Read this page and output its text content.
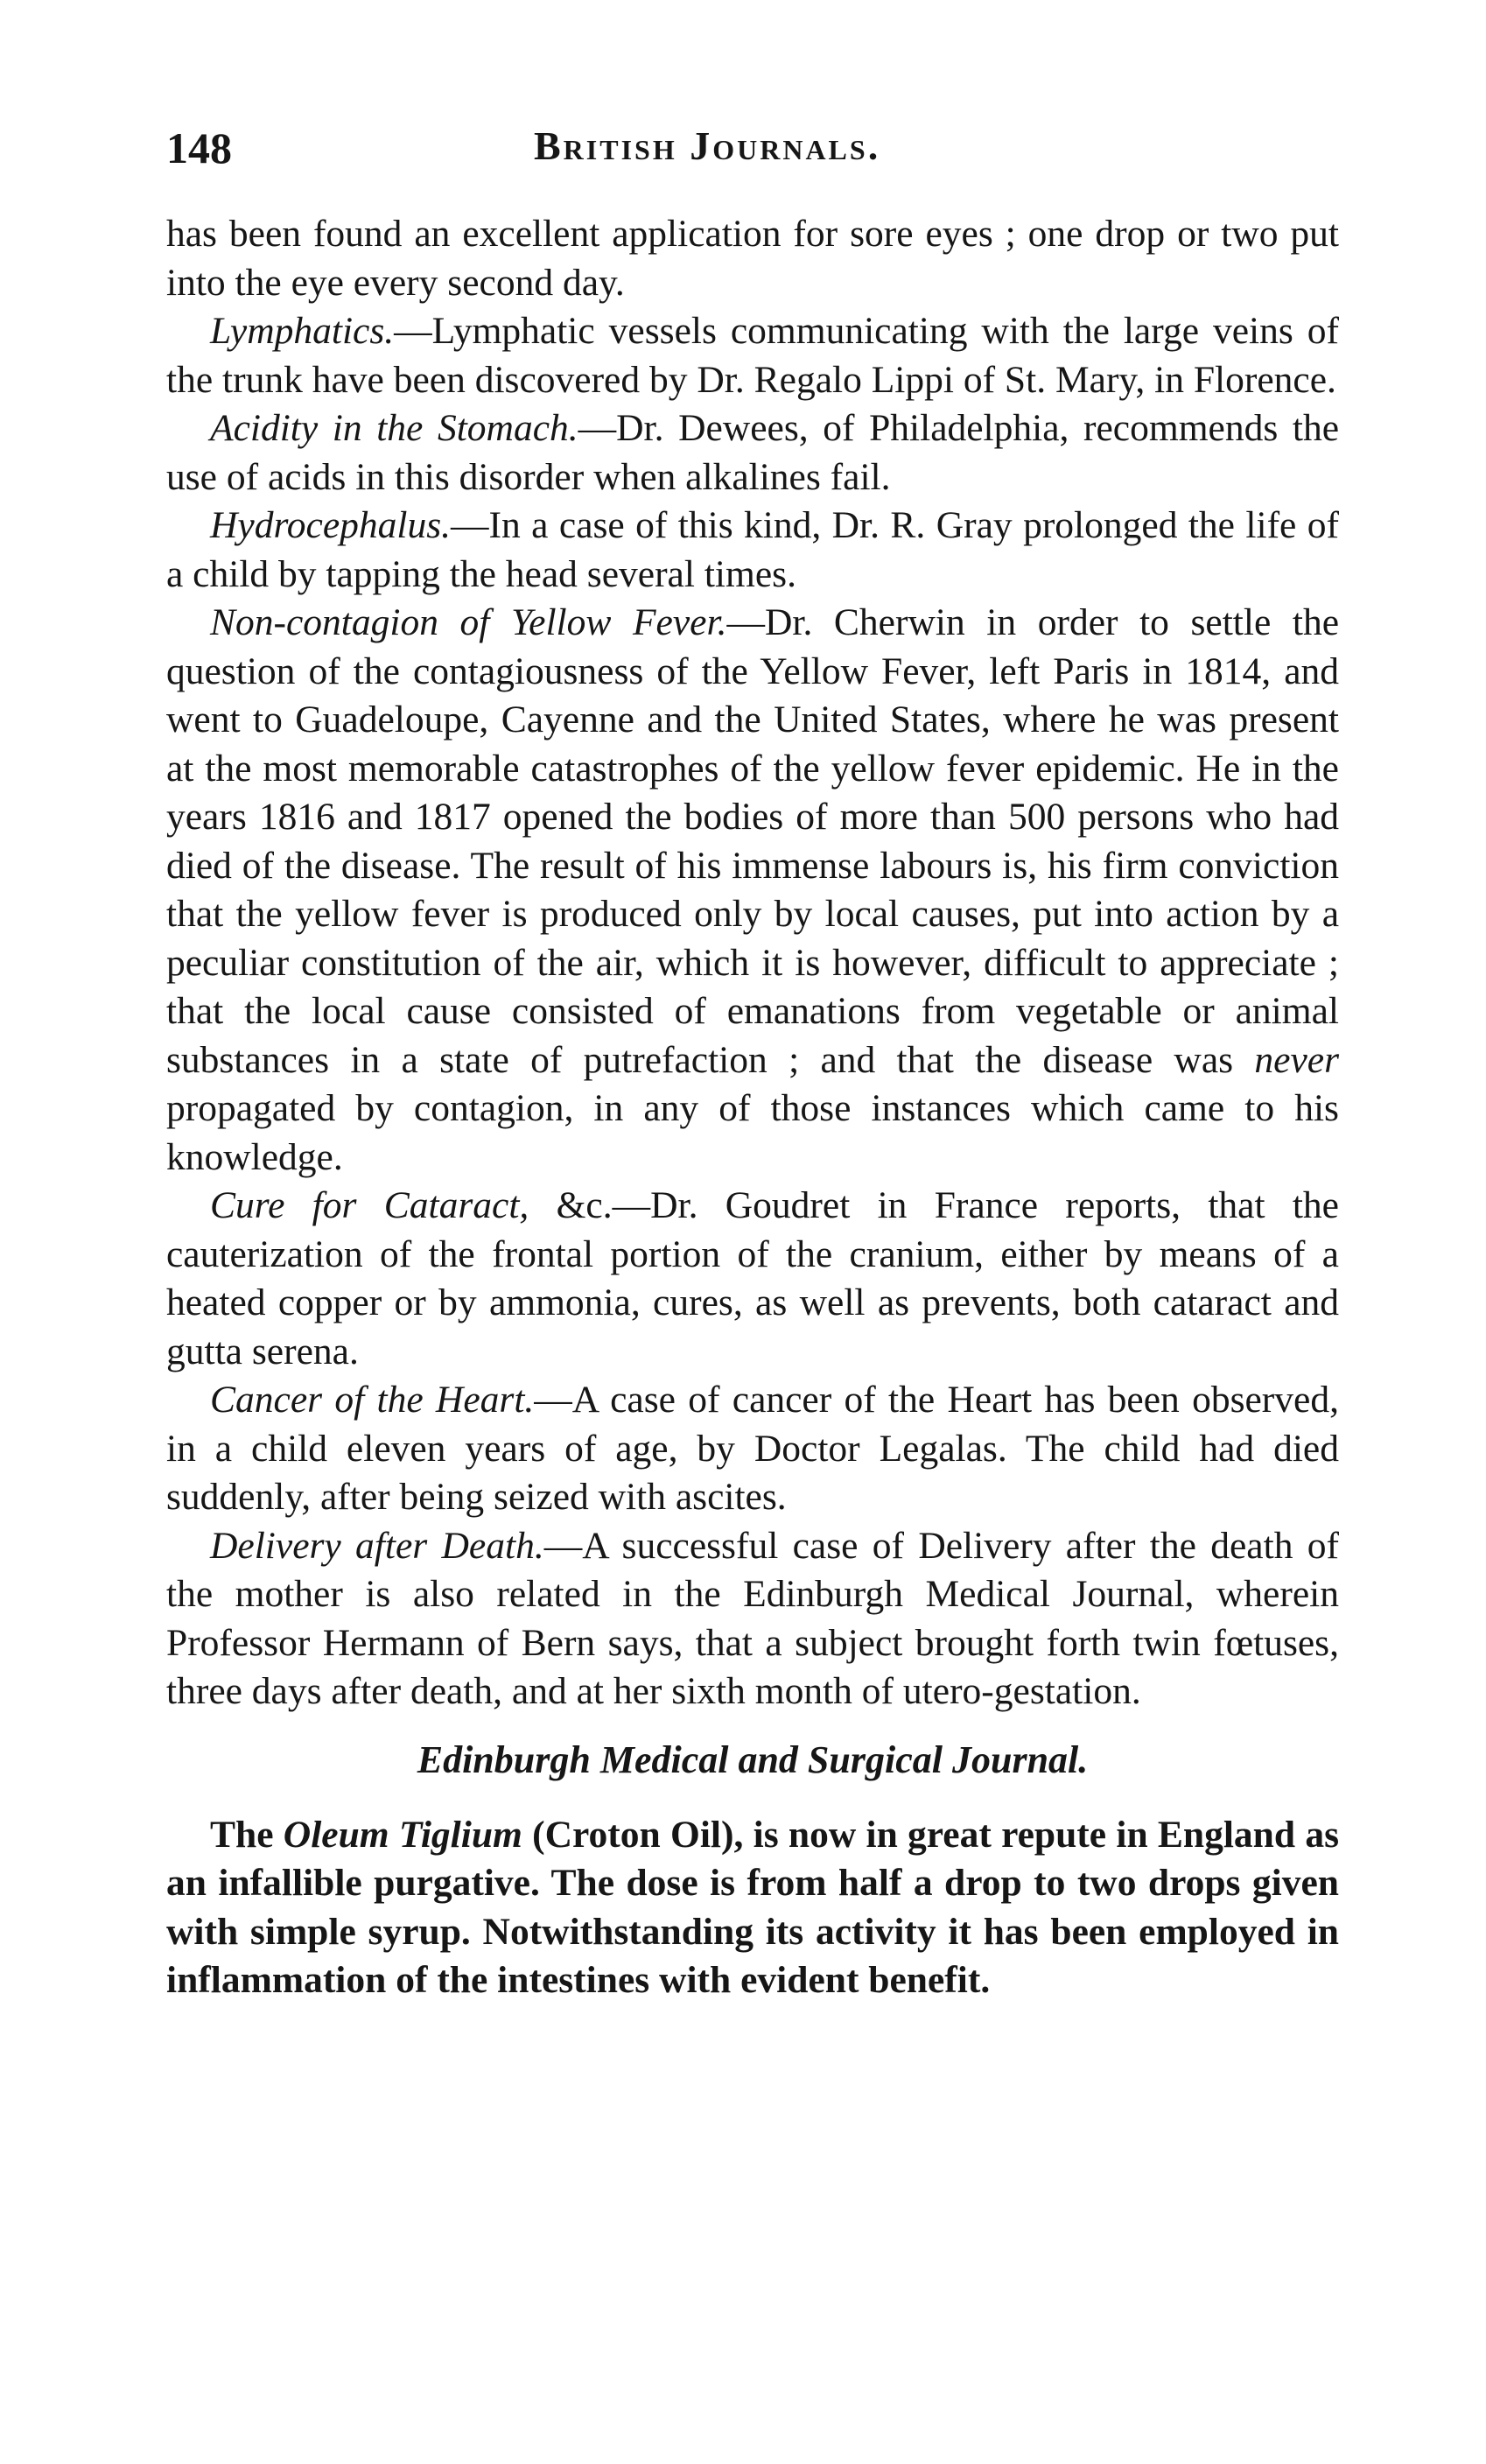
148	British Journals.

has been found an excellent application for sore eyes ; one drop or two put into the eye every second day.

Lymphatics.—Lymphatic vessels communicating with the large veins of the trunk have been discovered by Dr. Regalo Lippi of St. Mary, in Florence.

Acidity in the Stomach.—Dr. Dewees, of Philadelphia, recommends the use of acids in this disorder when alkalines fail.

Hydrocephalus.—In a case of this kind, Dr. R. Gray prolonged the life of a child by tapping the head several times.

Non-contagion of Yellow Fever.—Dr. Cherwin in order to settle the question of the contagiousness of the Yellow Fever, left Paris in 1814, and went to Guadeloupe, Cayenne and the United States, where he was present at the most memorable catastrophes of the yellow fever epidemic. He in the years 1816 and 1817 opened the bodies of more than 500 persons who had died of the disease. The result of his immense labours is, his firm conviction that the yellow fever is produced only by local causes, put into action by a peculiar constitution of the air, which it is however, difficult to appreciate ; that the local cause consisted of emanations from vegetable or animal substances in a state of putrefaction ; and that the disease was never propagated by contagion, in any of those instances which came to his knowledge.

Cure for Cataract, &c.—Dr. Goudret in France reports, that the cauterization of the frontal portion of the cranium, either by means of a heated copper or by ammonia, cures, as well as prevents, both cataract and gutta serena.

Cancer of the Heart.—A case of cancer of the Heart has been observed, in a child eleven years of age, by Doctor Legalas. The child had died suddenly, after being seized with ascites.

Delivery after Death.—A successful case of Delivery after the death of the mother is also related in the Edinburgh Medical Journal, wherein Professor Hermann of Bern says, that a subject brought forth twin fœtuses, three days after death, and at her sixth month of utero-gestation.

Edinburgh Medical and Surgical Journal.

The Oleum Tiglium (Croton Oil), is now in great repute in England as an infallible purgative. The dose is from half a drop to two drops given with simple syrup. Notwithstanding its activity it has been employed in inflammation of the intestines with evident benefit.
